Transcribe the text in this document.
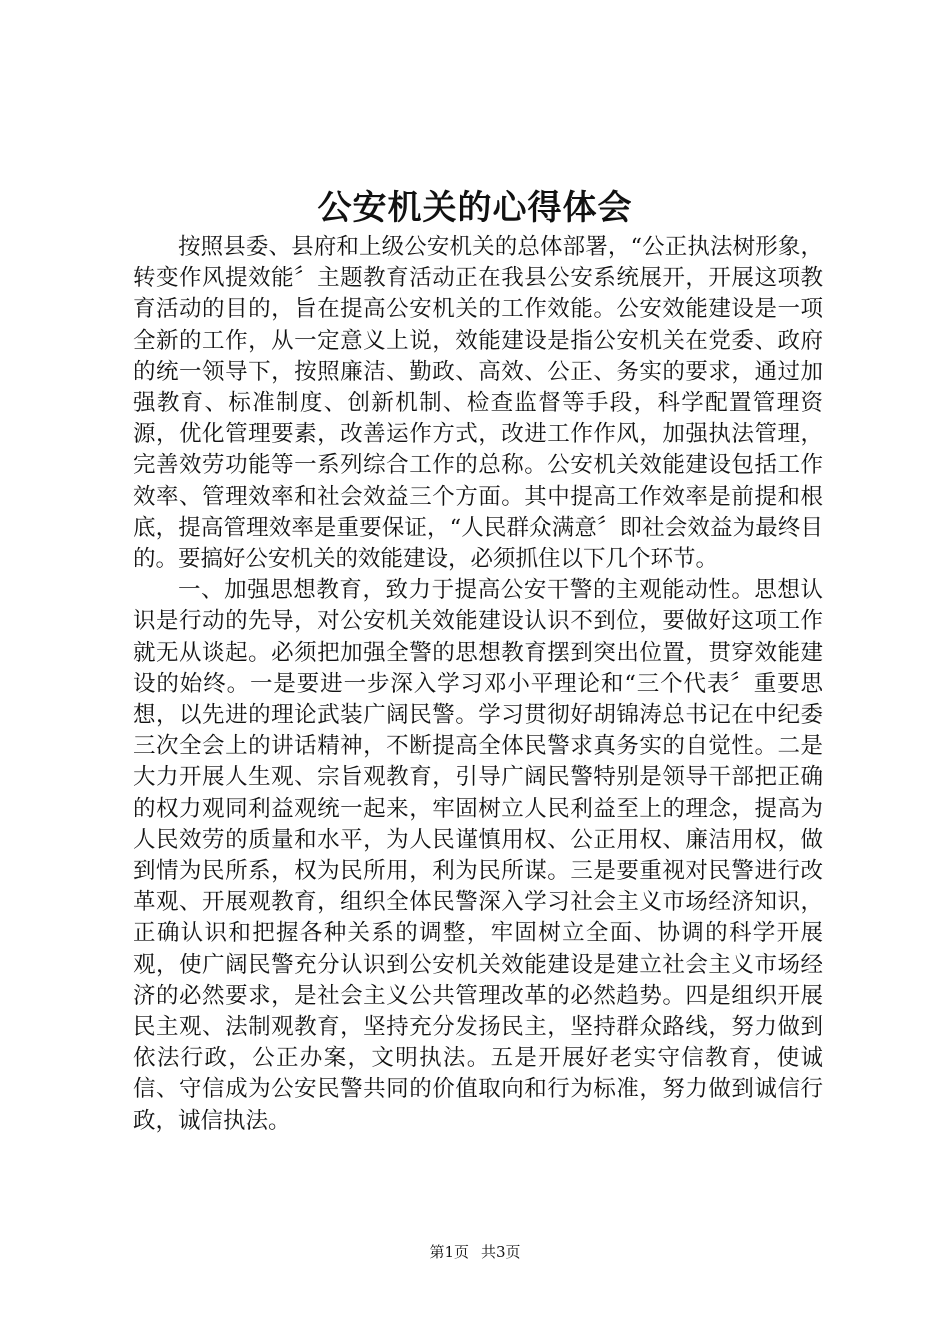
公安机关的心得体会

按照县委、县府和上级公安机关的总体部署，“公正执法树形象，转变作风提效能〞主题教育活动正在我县公安系统展开，开展这项教育活动的目的，旨在提高公安机关的工作效能。公安效能建设是一项全新的工作，从一定意义上说，效能建设是指公安机关在党委、政府的统一领导下，按照廉洁、勤政、高效、公正、务实的要求，通过加强教育、标准制度、创新机制、检查监督等手段，科学配置管理资源，优化管理要素，改善运作方式，改进工作作风，加强执法管理，完善效劳功能等一系列综合工作的总称。公安机关效能建设包括工作效率、管理效率和社会效益三个方面。其中提高工作效率是前提和根底，提高管理效率是重要保证，“人民群众满意〞即社会效益为最终目的。要搞好公安机关的效能建设，必须抓住以下几个环节。

一、加强思想教育，致力于提高公安干警的主观能动性。思想认识是行动的先导，对公安机关效能建设认识不到位，要做好这项工作就无从谈起。必须把加强全警的思想教育摆到突出位置，贯穿效能建设的始终。一是要进一步深入学习邓小平理论和“三个代表〞重要思想，以先进的理论武装广阔民警。学习贯彻好胡锦涛总书记在中纪委三次全会上的讲话精神，不断提高全体民警求真务实的自觉性。二是大力开展人生观、宗旨观教育，引导广阔民警特别是领导干部把正确的权力观同利益观统一起来，牢固树立人民利益至上的理念，提高为人民效劳的质量和水平，为人民谨慎用权、公正用权、廉洁用权，做到情为民所系，权为民所用，利为民所谋。三是要重视对民警进行改革观、开展观教育，组织全体民警深入学习社会主义市场经济知识，正确认识和把握各种关系的调整，牢固树立全面、协调的科学开展观，使广阔民警充分认识到公安机关效能建设是建立社会主义市场经济的必然要求，是社会主义公共管理改革的必然趋势。四是组织开展民主观、法制观教育，坚持充分发扬民主，坚持群众路线，努力做到依法行政，公正办案，文明执法。五是开展好老实守信教育，使诚信、守信成为公安民警共同的价值取向和行为标准，努力做到诚信行政，诚信执法。

第1页 共3页
